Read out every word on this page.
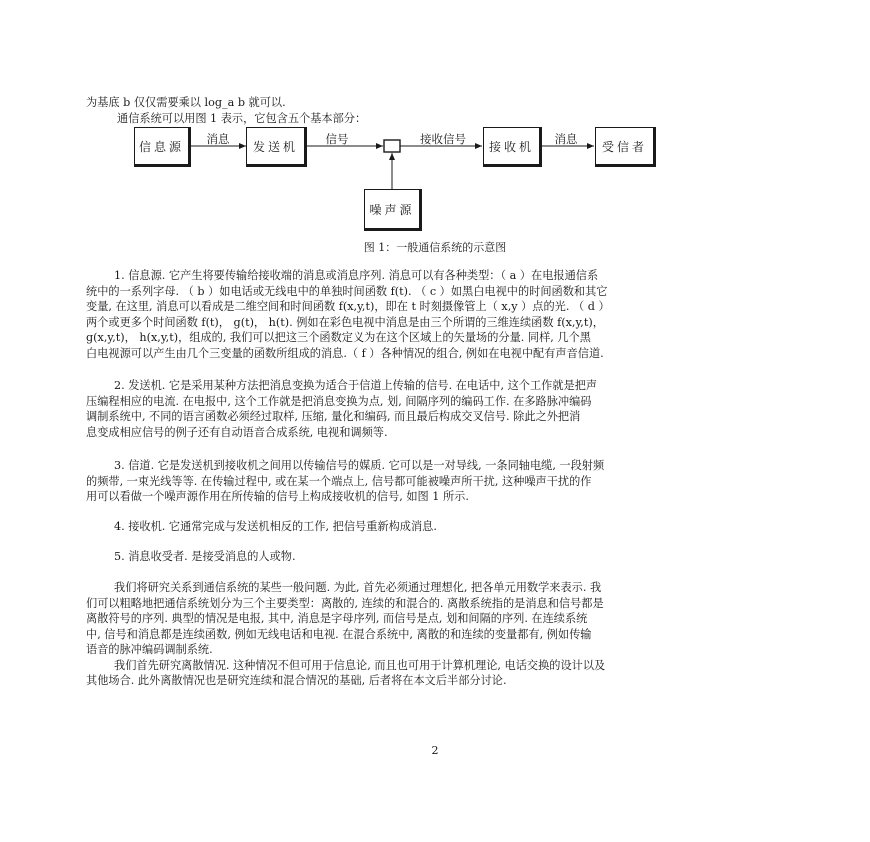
为基底 b 仅仅需要乘以 log_a b 就可以.
通信系统可以用图 1 表示，它包含五个基本部分：
信息源	发送机	接收机	受信者
噪声源
消息	信号	接收信号	消息
图 1：一般通信系统的示意图
1. 信息源. 它产生将要传输给接收端的消息或消息序列. 消息可以有各种类型：（ a ）在电报通信系
统中的一系列字母. （ b ）如电话或无线电中的单独时间函数 f(t). （ c ）如黑白电视中的时间函数和其它
变量, 在这里, 消息可以看成是二维空间和时间函数 f(x,y,t)，即在 t 时刻摄像管上（ x,y ）点的光. （ d ）
两个或更多个时间函数 f(t)， g(t)， h(t). 例如在彩色电视中消息是由三个所谓的三维连续函数 f(x,y,t)，
g(x,y,t)， h(x,y,t)，组成的, 我们可以把这三个函数定义为在这个区域上的矢量场的分量. 同样, 几个黑
白电视源可以产生由几个三变量的函数所组成的消息.（ f ）各种情况的组合, 例如在电视中配有声音信道.
2. 发送机. 它是采用某种方法把消息变换为适合于信道上传输的信号. 在电话中, 这个工作就是把声
压编程相应的电流. 在电报中, 这个工作就是把消息变换为点, 划, 间隔序列的编码工作. 在多路脉冲编码
调制系统中, 不同的语言函数必须经过取样, 压缩, 量化和编码, 而且最后构成交叉信号. 除此之外把消
息变成相应信号的例子还有自动语音合成系统, 电视和调频等.
3. 信道. 它是发送机到接收机之间用以传输信号的媒质. 它可以是一对导线, 一条同轴电缆, 一段射频
的频带, 一束光线等等. 在传输过程中, 或在某一个端点上, 信号都可能被噪声所干扰, 这种噪声干扰的作
用可以看做一个噪声源作用在所传输的信号上构成接收机的信号, 如图 1 所示.
4. 接收机. 它通常完成与发送机相反的工作, 把信号重新构成消息.
5. 消息收受者. 是接受消息的人或物.
我们将研究关系到通信系统的某些一般问题. 为此, 首先必须通过理想化, 把各单元用数学来表示. 我
们可以粗略地把通信系统划分为三个主要类型：离散的, 连续的和混合的. 离散系统指的是消息和信号都是
离散符号的序列. 典型的情况是电报, 其中, 消息是字母序列, 而信号是点, 划和间隔的序列. 在连续系统
中, 信号和消息都是连续函数, 例如无线电话和电视. 在混合系统中, 离散的和连续的变量都有, 例如传输
语音的脉冲编码调制系统.
我们首先研究离散情况. 这种情况不但可用于信息论, 而且也可用于计算机理论, 电话交换的设计以及
其他场合. 此外离散情况也是研究连续和混合情况的基础, 后者将在本文后半部分讨论.
2
